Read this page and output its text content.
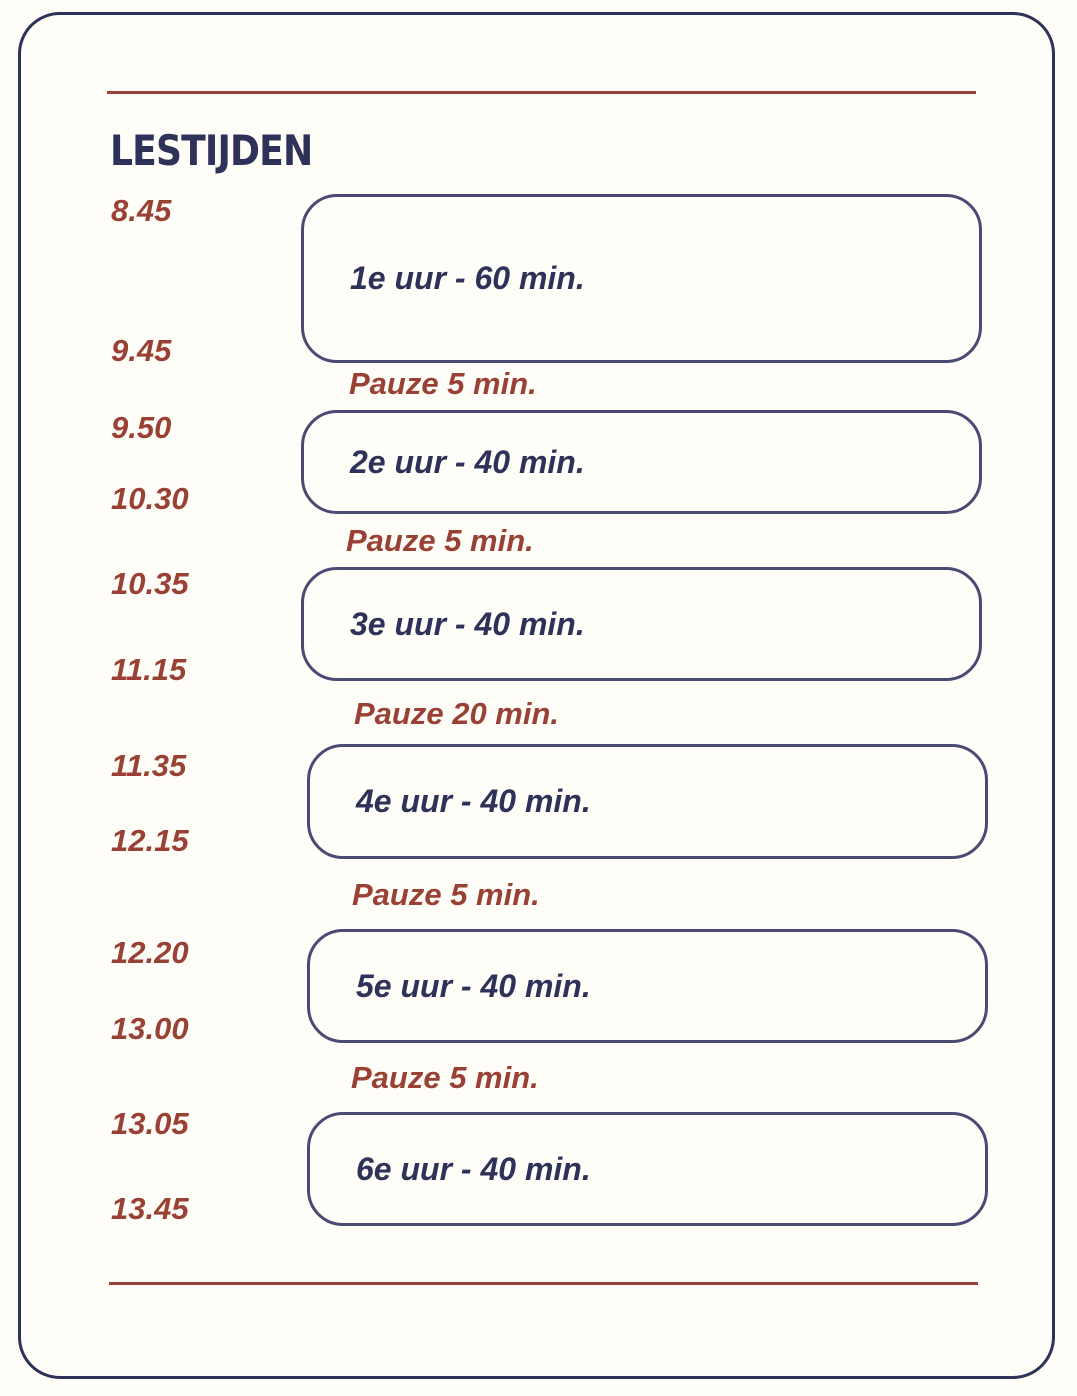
LESTIJDEN
8.45
9.45
9.50
10.30
10.35
11.15
11.35
12.15
12.20
13.00
13.05
13.45
1e uur - 60 min.
2e uur - 40 min.
3e uur - 40 min.
4e uur - 40 min.
5e uur - 40 min.
6e uur - 40 min.
Pauze 5 min.
Pauze 5 min.
Pauze 20 min.
Pauze 5 min.
Pauze 5 min.
